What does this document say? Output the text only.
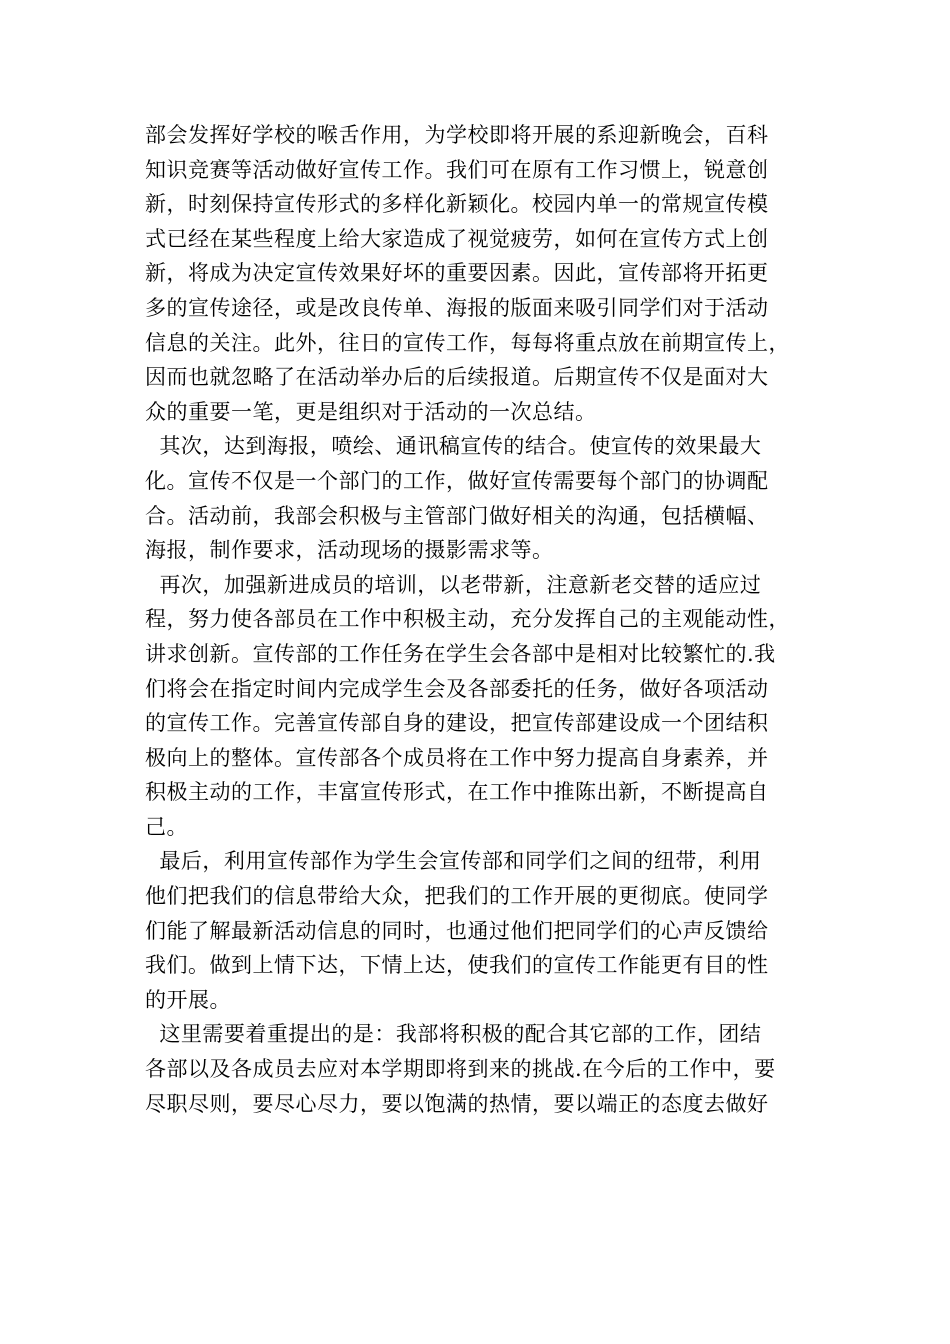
部会发挥好学校的喉舌作用，为学校即将开展的系迎新晚会，百科

知识竞赛等活动做好宣传工作。我们可在原有工作习惯上，锐意创

新，时刻保持宣传形式的多样化新颖化。校园内单一的常规宣传模

式已经在某些程度上给大家造成了视觉疲劳，如何在宣传方式上创

新，将成为决定宣传效果好坏的重要因素。因此，宣传部将开拓更

多的宣传途径，或是改良传单、海报的版面来吸引同学们对于活动

信息的关注。此外，往日的宣传工作，每每将重点放在前期宣传上，

因而也就忽略了在活动举办后的后续报道。后期宣传不仅是面对大

众的重要一笔，更是组织对于活动的一次总结。

其次，达到海报，喷绘、通讯稿宣传的结合。使宣传的效果最大

化。宣传不仅是一个部门的工作，做好宣传需要每个部门的协调配

合。活动前，我部会积极与主管部门做好相关的沟通，包括横幅、

海报，制作要求，活动现场的摄影需求等。

再次，加强新进成员的培训，以老带新，注意新老交替的适应过

程，努力使各部员在工作中积极主动，充分发挥自己的主观能动性，

讲求创新。宣传部的工作任务在学生会各部中是相对比较繁忙的.我

们将会在指定时间内完成学生会及各部委托的任务，做好各项活动

的宣传工作。完善宣传部自身的建设，把宣传部建设成一个团结积

极向上的整体。宣传部各个成员将在工作中努力提高自身素养，并

积极主动的工作，丰富宣传形式，在工作中推陈出新，不断提高自

己。

最后，利用宣传部作为学生会宣传部和同学们之间的纽带，利用

他们把我们的信息带给大众，把我们的工作开展的更彻底。使同学

们能了解最新活动信息的同时，也通过他们把同学们的心声反馈给

我们。做到上情下达，下情上达，使我们的宣传工作能更有目的性

的开展。

这里需要着重提出的是：我部将积极的配合其它部的工作，团结

各部以及各成员去应对本学期即将到来的挑战.在今后的工作中，要

尽职尽则，要尽心尽力，要以饱满的热情，要以端正的态度去做好
